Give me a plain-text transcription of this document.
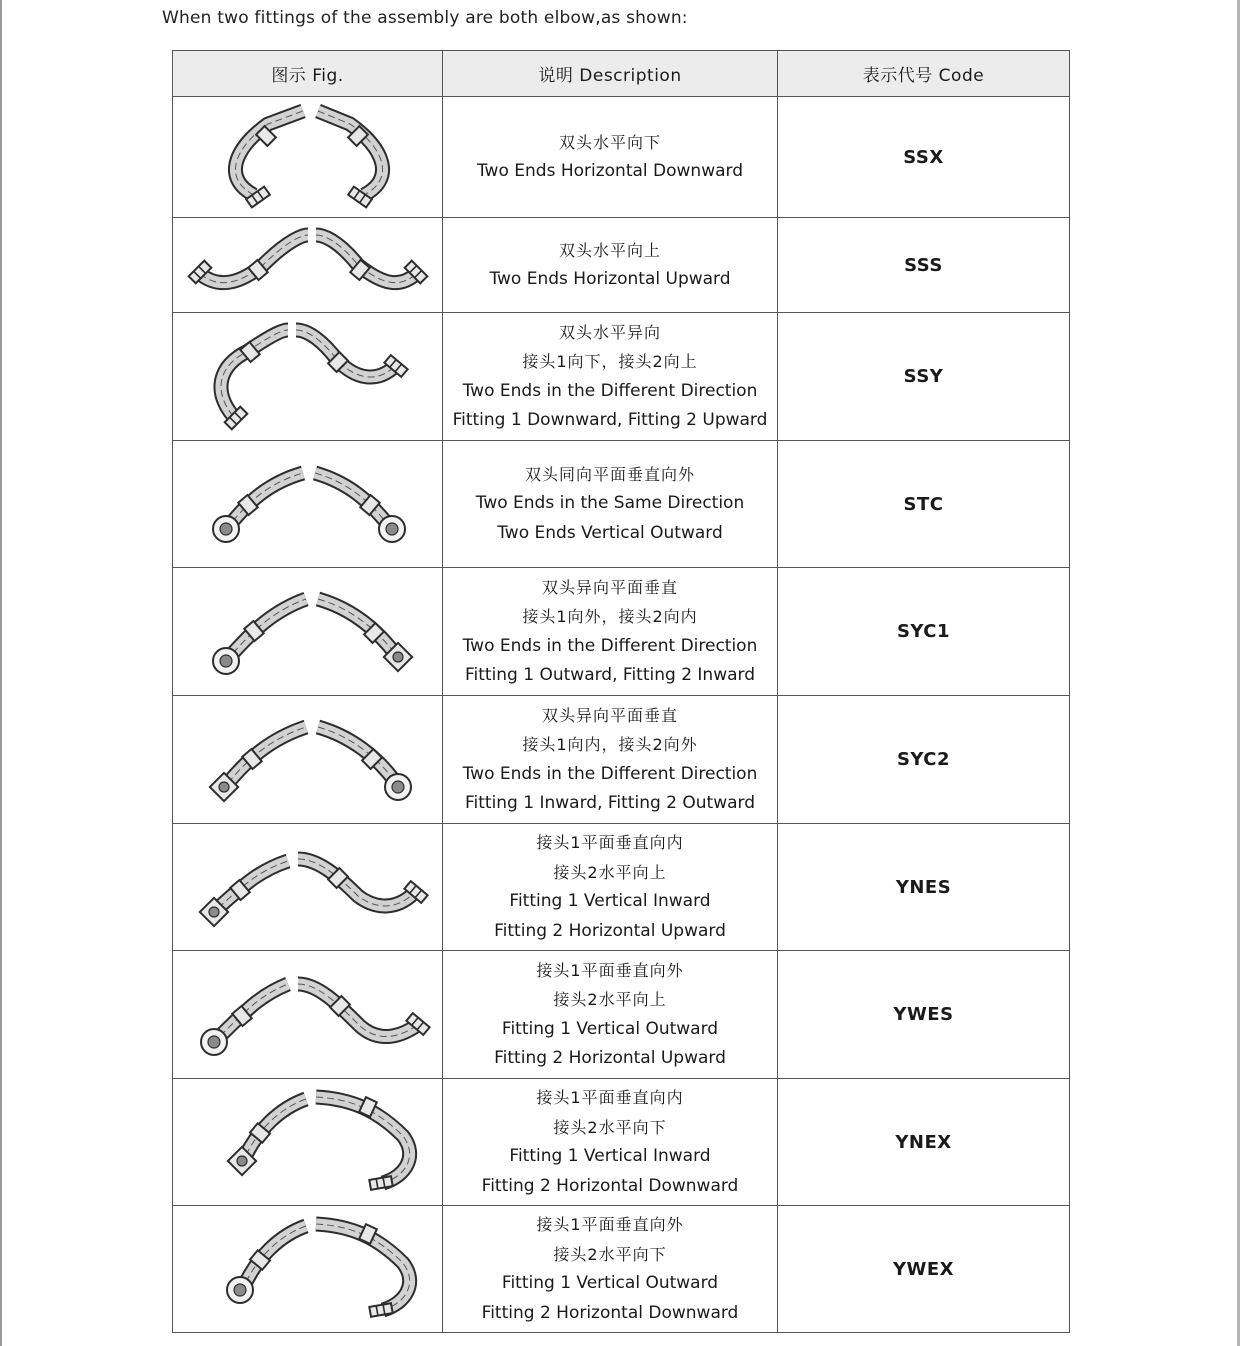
When two fittings of the assembly are both elbow,as shown:
图示 Fig.	说明 Description	表示代号 Code

双头水平向下
Two Ends Horizontal Downward	SSX

双头水平向上
Two Ends Horizontal Upward	SSS

双头水平异向
接头1向下，接头2向上
Two Ends in the Different Direction
Fitting 1 Downward, Fitting 2 Upward	SSY

双头同向平面垂直向外
Two Ends in the Same Direction
Two Ends Vertical Outward	STC

双头异向平面垂直
接头1向外，接头2向内
Two Ends in the Different Direction
Fitting 1 Outward, Fitting 2 Inward	SYC1

双头异向平面垂直
接头1向内，接头2向外
Two Ends in the Different Direction
Fitting 1 Inward, Fitting 2 Outward	SYC2

接头1平面垂直向内
接头2水平向上
Fitting 1 Vertical Inward
Fitting 2 Horizontal Upward	YNES

接头1平面垂直向外
接头2水平向上
Fitting 1 Vertical Outward
Fitting 2 Horizontal Upward	YWES

接头1平面垂直向内
接头2水平向下
Fitting 1 Vertical Inward
Fitting 2 Horizontal Downward	YNEX

接头1平面垂直向外
接头2水平向下
Fitting 1 Vertical Outward
Fitting 2 Horizontal Downward	YWEX
